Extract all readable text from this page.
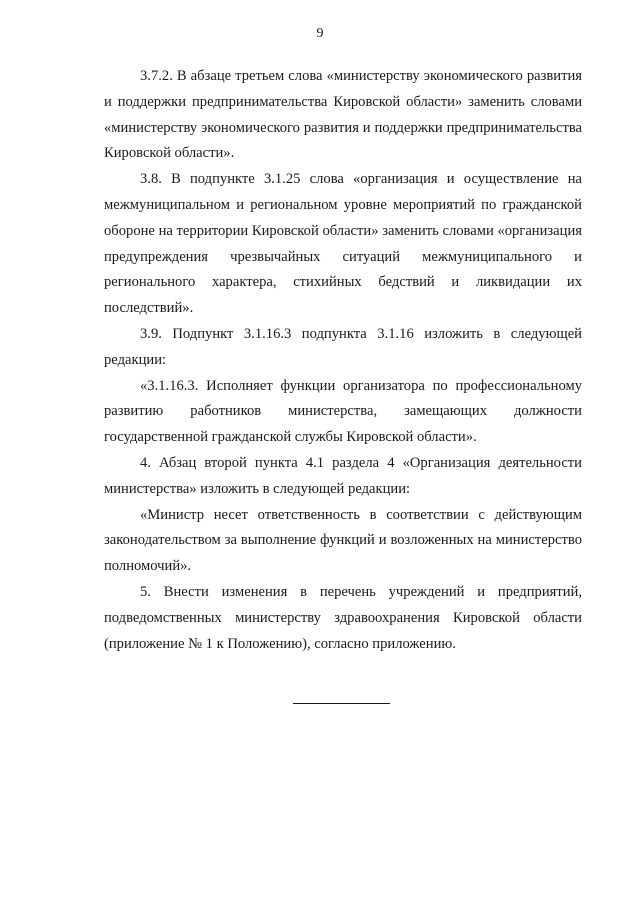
9

3.7.2. В абзаце третьем слова «министерству экономического развития и поддержки предпринимательства Кировской области» заменить словами «министерству экономического развития и поддержки предпринимательства Кировской области».

3.8. В подпункте 3.1.25 слова «организация и осуществление на межмуниципальном и региональном уровне мероприятий по гражданской обороне на территории Кировской области» заменить словами «организация предупреждения чрезвычайных ситуаций межмуниципального и регионального характера, стихийных бедствий и ликвидации их последствий».

3.9. Подпункт 3.1.16.3 подпункта 3.1.16 изложить в следующей редакции:

«3.1.16.3. Исполняет функции организатора по профессиональному развитию работников министерства, замещающих должности государственной гражданской службы Кировской области».

4. Абзац второй пункта 4.1 раздела 4 «Организация деятельности министерства» изложить в следующей редакции:

«Министр несет ответственность в соответствии с действующим законодательством за выполнение функций и возложенных на министерство полномочий».

5. Внести изменения в перечень учреждений и предприятий, подведомственных министерству здравоохранения Кировской области (приложение № 1 к Положению), согласно приложению.
